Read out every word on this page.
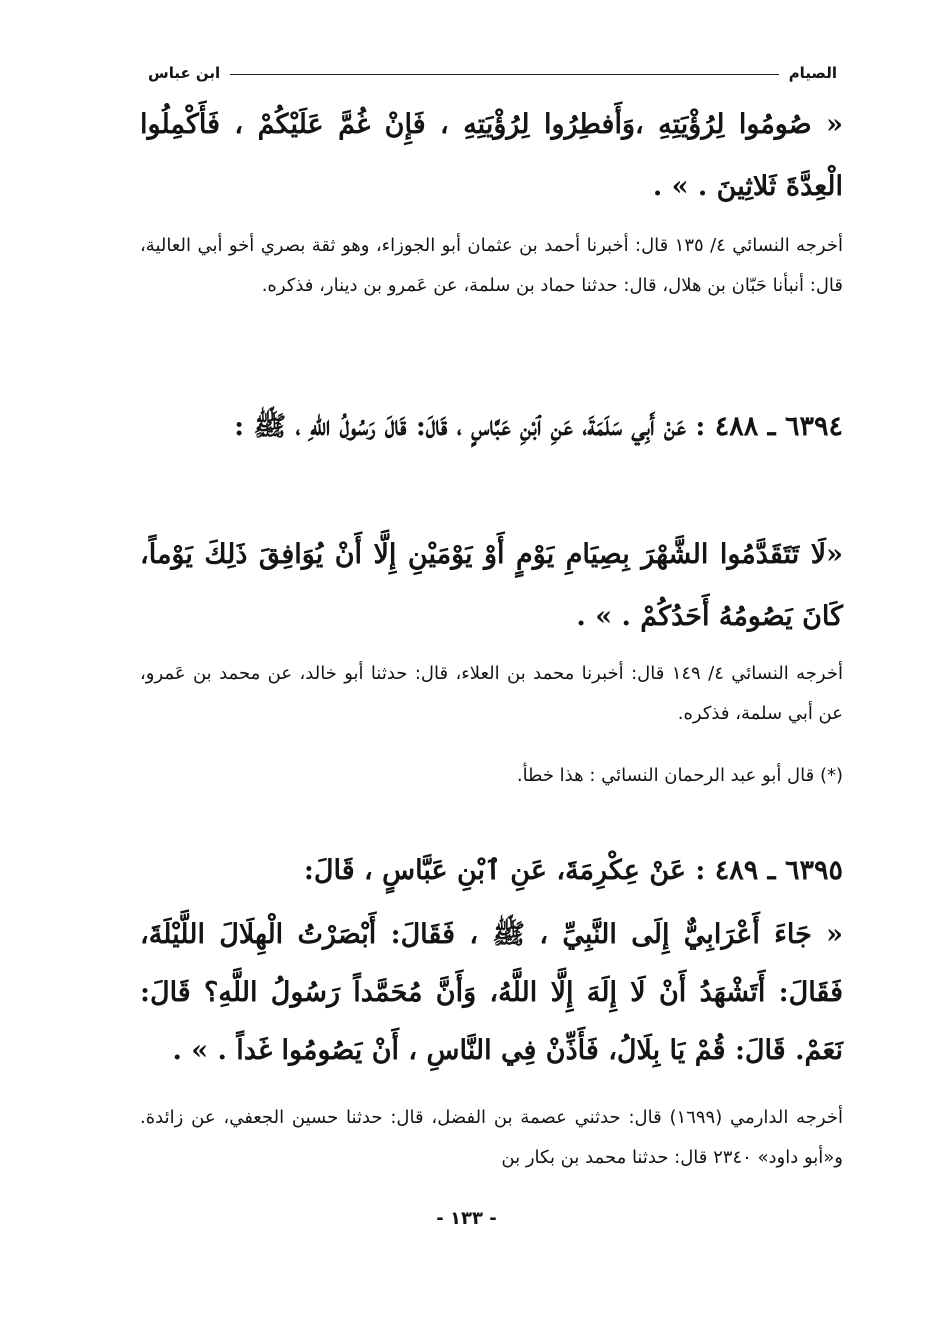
الصيام
ابن عباس

« صُومُوا لِرُؤْيَتِهِ ،وَأَفطِرُوا لِرُؤْيَتِهِ ، فَإِنْ غُمَّ عَلَيْكُمْ ، فَأَكْمِلُوا الْعِدَّةَ ثَلاثِينَ . » .

أخرجه النسائي ٤/ ١٣٥ قال: أخبرنا أحمد بن عثمان أبو الجوزاء، وهو ثقة بصري أخو أبي العالية، قال: أنبأنا حَبّان بن هلال، قال: حدثنا حماد بن سلمة، عن عَمرو بن دينار، فذكره.

٦٣٩٤ ـ ٤٨٨ : عَنْ أَبِي سَلَمَةَ، عَنِ ٱبْنِ عَبَّاسٍ ، قَالَ: قَالَ رَسُولُ اللّهِ ، ﷺ :

«لَا تَتَقَدَّمُوا الشَّهْرَ بِصِيَامِ يَوْمٍ أَوْ يَوْمَيْنِ إِلَّا أَنْ يُوَافِقَ ذَلِكَ يَوْماً، كَانَ يَصُومُهُ أَحَدُكُمْ . » .

أخرجه النسائي ٤/ ١٤٩ قال: أخبرنا محمد بن العلاء، قال: حدثنا أبو خالد، عن محمد بن عَمرو، عن أبي سلمة، فذكره.

(*) قال أبو عبد الرحمان النسائي : هذا خطأ.

٦٣٩٥ ـ ٤٨٩ : عَنْ عِكْرِمَةَ، عَنِ ٱبْنِ عَبَّاسٍ ، قَالَ:

« جَاءَ أَعْرَابِيٌّ إِلَى النَّبِيِّ ، ﷺ ، فَقَالَ: أَبْصَرْتُ الْهِلَالَ اللَّيْلَةَ، فَقَالَ: أَتَشْهَدُ أَنْ لَا إِلَهَ إِلَّا اللَّهُ، وَأَنَّ مُحَمَّداً رَسُولُ اللَّهِ؟ قَالَ: نَعَمْ. قَالَ: قُمْ يَا بِلَالُ، فَأَذِّنْ فِي النَّاسِ ، أَنْ يَصُومُوا غَداً . » .

أخرجه الدارمي (١٦٩٩) قال: حدثني عصمة بن الفضل، قال: حدثنا حسين الجعفي، عن زائدة. و«أبو داود» ٢٣٤٠ قال: حدثنا محمد بن بكار بن

- ١٣٣ -
